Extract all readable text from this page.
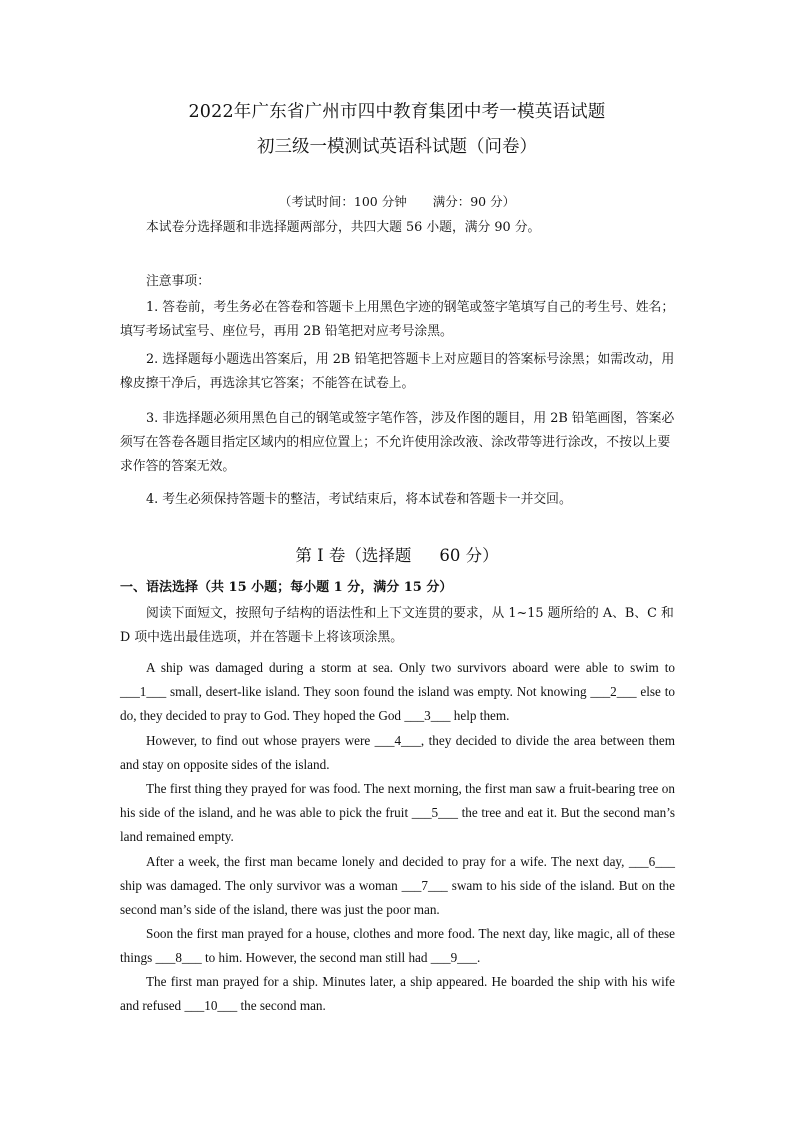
2022年广东省广州市四中教育集团中考一模英语试题
初三级一模测试英语科试题（问卷）
（考试时间：100 分钟 满分：90 分）
本试卷分选择题和非选择题两部分，共四大题 56 小题，满分 90 分。
注意事项：
1. 答卷前，考生务必在答卷和答题卡上用黑色字迹的钢笔或签字笔填写自己的考生号、姓名；填写考场试室号、座位号，再用 2B 铅笔把对应考号涂黑。
2. 选择题每小题选出答案后，用 2B 铅笔把答题卡上对应题目的答案标号涂黑；如需改动，用橡皮擦干净后，再选涂其它答案；不能答在试卷上。
3. 非选择题必须用黑色自己的钢笔或签字笔作答，涉及作图的题目，用 2B 铅笔画图，答案必须写在答卷各题目指定区域内的相应位置上；不允许使用涂改液、涂改带等进行涂改，不按以上要求作答的答案无效。
4. 考生必须保持答题卡的整洁，考试结束后，将本试卷和答题卡一并交回。
第 I 卷（选择题 60 分）
一、语法选择（共 15 小题；每小题 1 分，满分 15 分）
阅读下面短文，按照句子结构的语法性和上下文连贯的要求，从 1~15 题所给的 A、B、C 和 D 项中选出最佳选项，并在答题卡上将该项涂黑。
A ship was damaged during a storm at sea. Only two survivors aboard were able to swim to ___1___ small, desert-like island. They soon found the island was empty. Not knowing ___2___ else to do, they decided to pray to God. They hoped the God ___3___ help them.
However, to find out whose prayers were ___4___, they decided to divide the area between them and stay on opposite sides of the island.
The first thing they prayed for was food. The next morning, the first man saw a fruit-bearing tree on his side of the island, and he was able to pick the fruit ___5___ the tree and eat it. But the second man’s land remained empty.
After a week, the first man became lonely and decided to pray for a wife. The next day, ___6___ ship was damaged. The only survivor was a woman ___7___ swam to his side of the island. But on the second man’s side of the island, there was just the poor man.
Soon the first man prayed for a house, clothes and more food. The next day, like magic, all of these things ___8___ to him. However, the second man still had ___9___.
The first man prayed for a ship. Minutes later, a ship appeared. He boarded the ship with his wife and refused ___10___ the second man.
